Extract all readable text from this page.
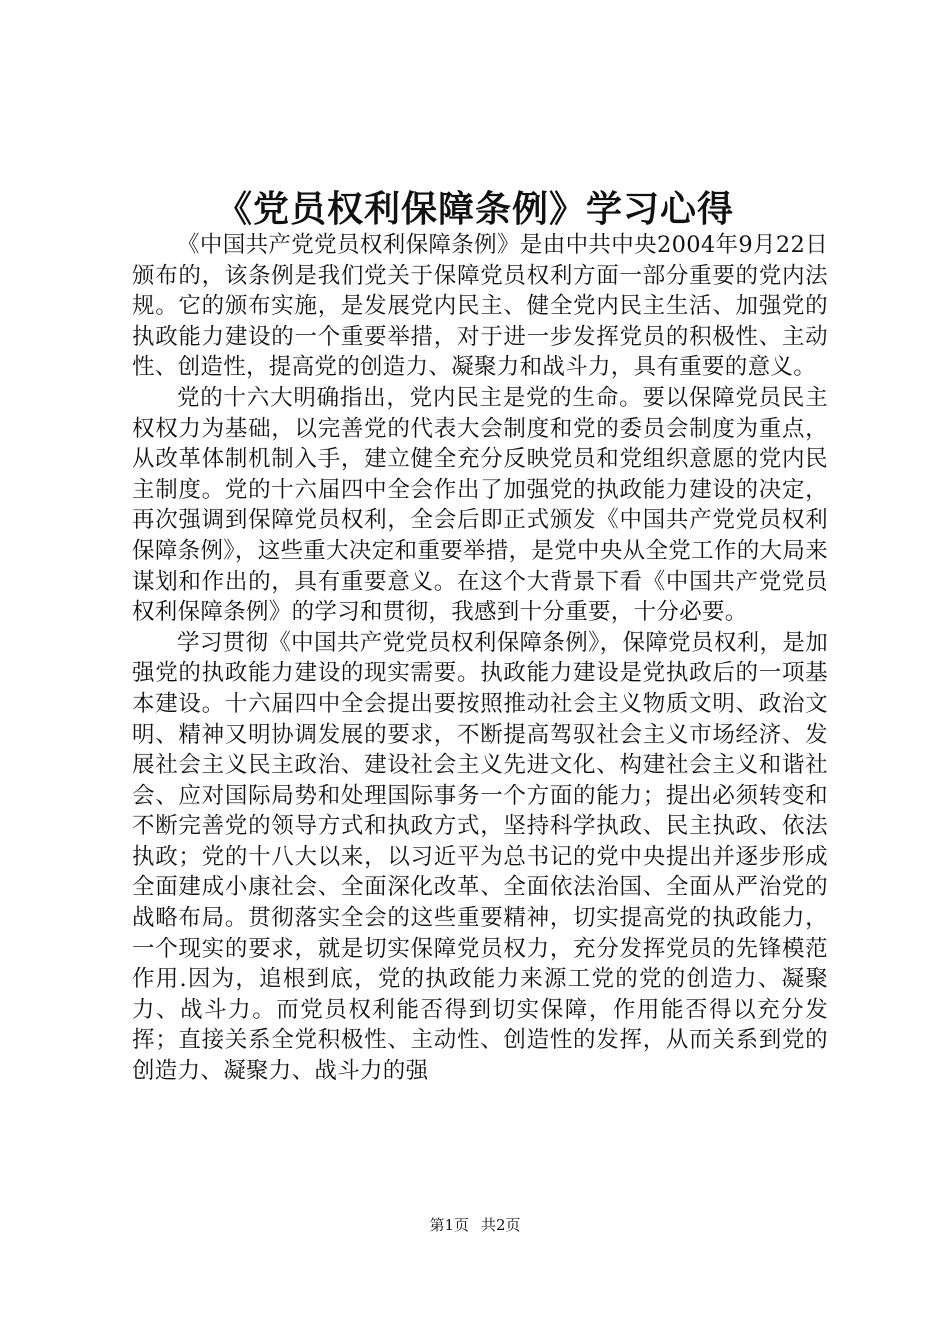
《党员权利保障条例》学习心得

《中国共产党党员权利保障条例》是由中共中央2004年9月22日颁布的，该条例是我们党关于保障党员权利方面一部分重要的党内法规。它的颁布实施，是发展党内民主、健全党内民主生活、加强党的执政能力建设的一个重要举措，对于进一步发挥党员的积极性、主动性、创造性，提高党的创造力、凝聚力和战斗力，具有重要的意义。

党的十六大明确指出，党内民主是党的生命。要以保障党员民主权权力为基础，以完善党的代表大会制度和党的委员会制度为重点，从改革体制机制入手，建立健全充分反映党员和党组织意愿的党内民主制度。党的十六届四中全会作出了加强党的执政能力建设的决定，再次强调到保障党员权利，全会后即正式颁发《中国共产党党员权利保障条例》，这些重大决定和重要举措，是党中央从全党工作的大局来谋划和作出的，具有重要意义。在这个大背景下看《中国共产党党员权利保障条例》的学习和贯彻，我感到十分重要，十分必要。

学习贯彻《中国共产党党员权利保障条例》，保障党员权利，是加强党的执政能力建设的现实需要。执政能力建设是党执政后的一项基本建设。十六届四中全会提出要按照推动社会主义物质文明、政治文明、精神又明协调发展的要求，不断提高驾驭社会主义市场经济、发展社会主义民主政治、建设社会主义先进文化、构建社会主义和谐社会、应对国际局势和处理国际事务一个方面的能力；提出必须转变和不断完善党的领导方式和执政方式，坚持科学执政、民主执政、依法执政；党的十八大以来，以习近平为总书记的党中央提出并逐步形成全面建成小康社会、全面深化改革、全面依法治国、全面从严治党的战略布局。贯彻落实全会的这些重要精神，切实提高党的执政能力，一个现实的要求，就是切实保障党员权力，充分发挥党员的先锋模范作用.因为，追根到底，党的执政能力来源工党的党的创造力、凝聚力、战斗力。而党员权利能否得到切实保障，作用能否得以充分发挥；直接关系全党积极性、主动性、创造性的发挥，从而关系到党的创造力、凝聚力、战斗力的强

第1页 共2页
